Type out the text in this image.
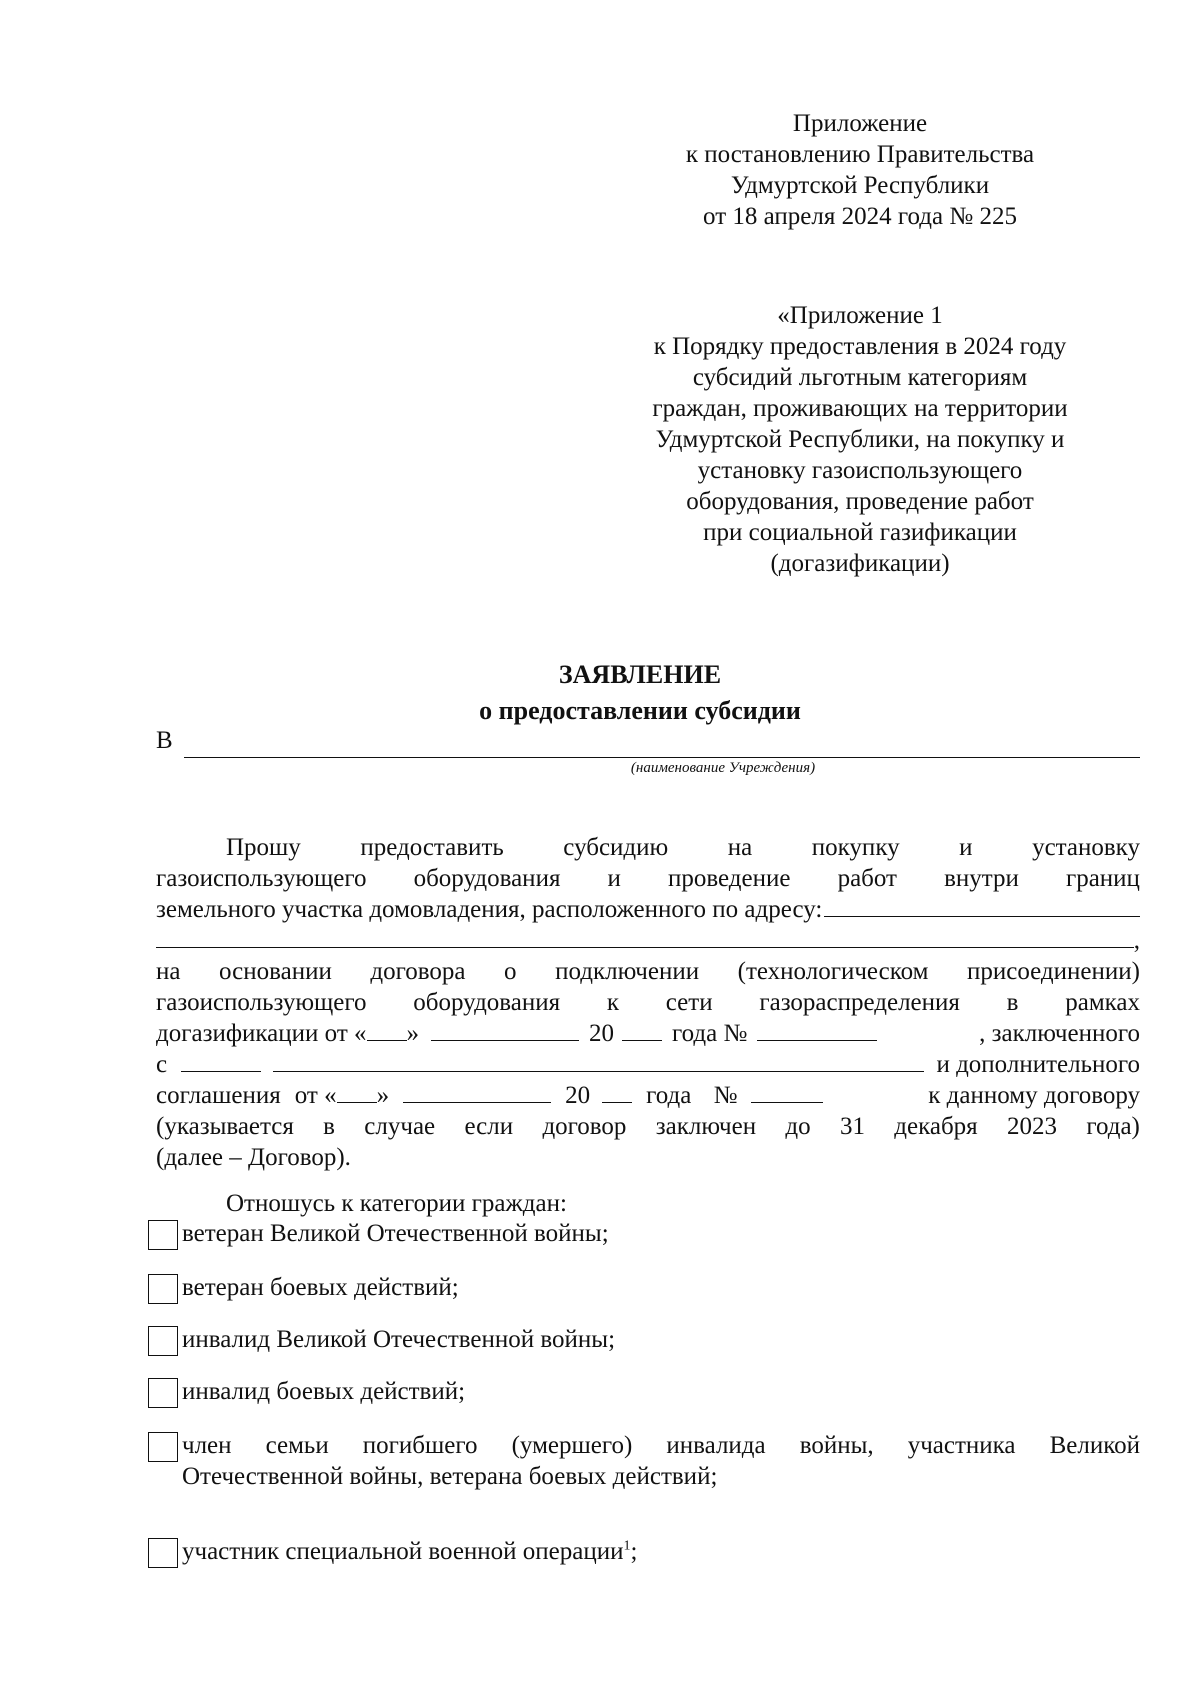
Приложение
к постановлению Правительства
Удмуртской Республики
от 18 апреля 2024 года № 225
«Приложение 1
к Порядку предоставления в 2024 году
субсидий льготным категориям
граждан, проживающих на территории
Удмуртской Республики, на покупку и
установку газоиспользующего
оборудования, проведение работ
при социальной газификации
(догазификации)
ЗАЯВЛЕНИЕ
о предоставлении субсидии
В
(наименование Учреждения)
Прошу предоставить субсидию на покупку и установку
газоиспользующего оборудования и проведение работ внутри границ
земельного участка домовладения, расположенного по адресу:
,
на основании договора о подключении (технологическом присоединении)
газоиспользующего оборудования к сети газораспределения в рамках
догазификации от « »	20 года №	, заключенного
с	и дополнительного
соглашения от « »	20 года №	к данному договору
(указывается в случае если договор заключен до 31 декабря 2023 года)
(далее – Договор).
Отношусь к категории граждан:
ветеран Великой Отечественной войны;
ветеран боевых действий;
инвалид Великой Отечественной войны;
инвалид боевых действий;
член семьи погибшего (умершего) инвалида войны, участника Великой
Отечественной войны, ветерана боевых действий;
участник специальной военной операции$^1$;
